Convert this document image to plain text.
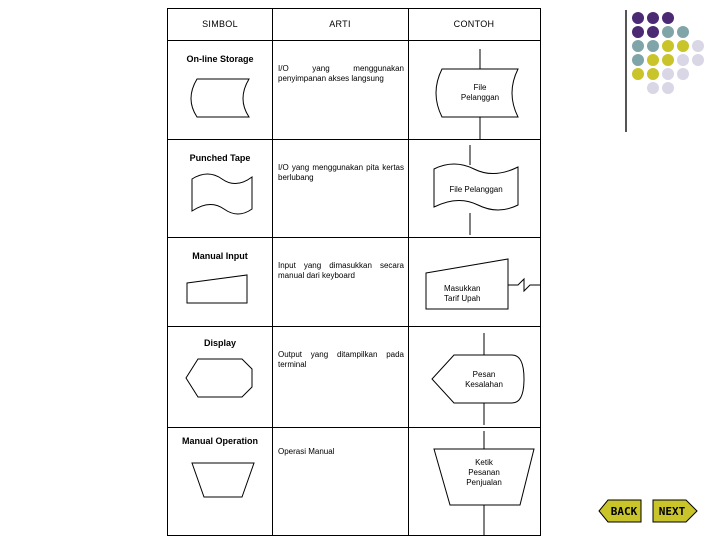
SIMBOL	ARTI	CONTOH
On-line Storage
I/O yang menggunakan penyimpanan akses langsung
File
Pelanggan
Punched Tape
I/O yang menggunakan pita kertas berlubang
File Pelanggan
Manual Input
Input yang dimasukkan secara manual dari keyboard
Masukkan
Tarif Upah
Display
Output yang ditampilkan pada terminal
Pesan
Kesalahan
Manual Operation
Operasi Manual
Ketik
Pesanan
Penjualan
BACK NEXT
